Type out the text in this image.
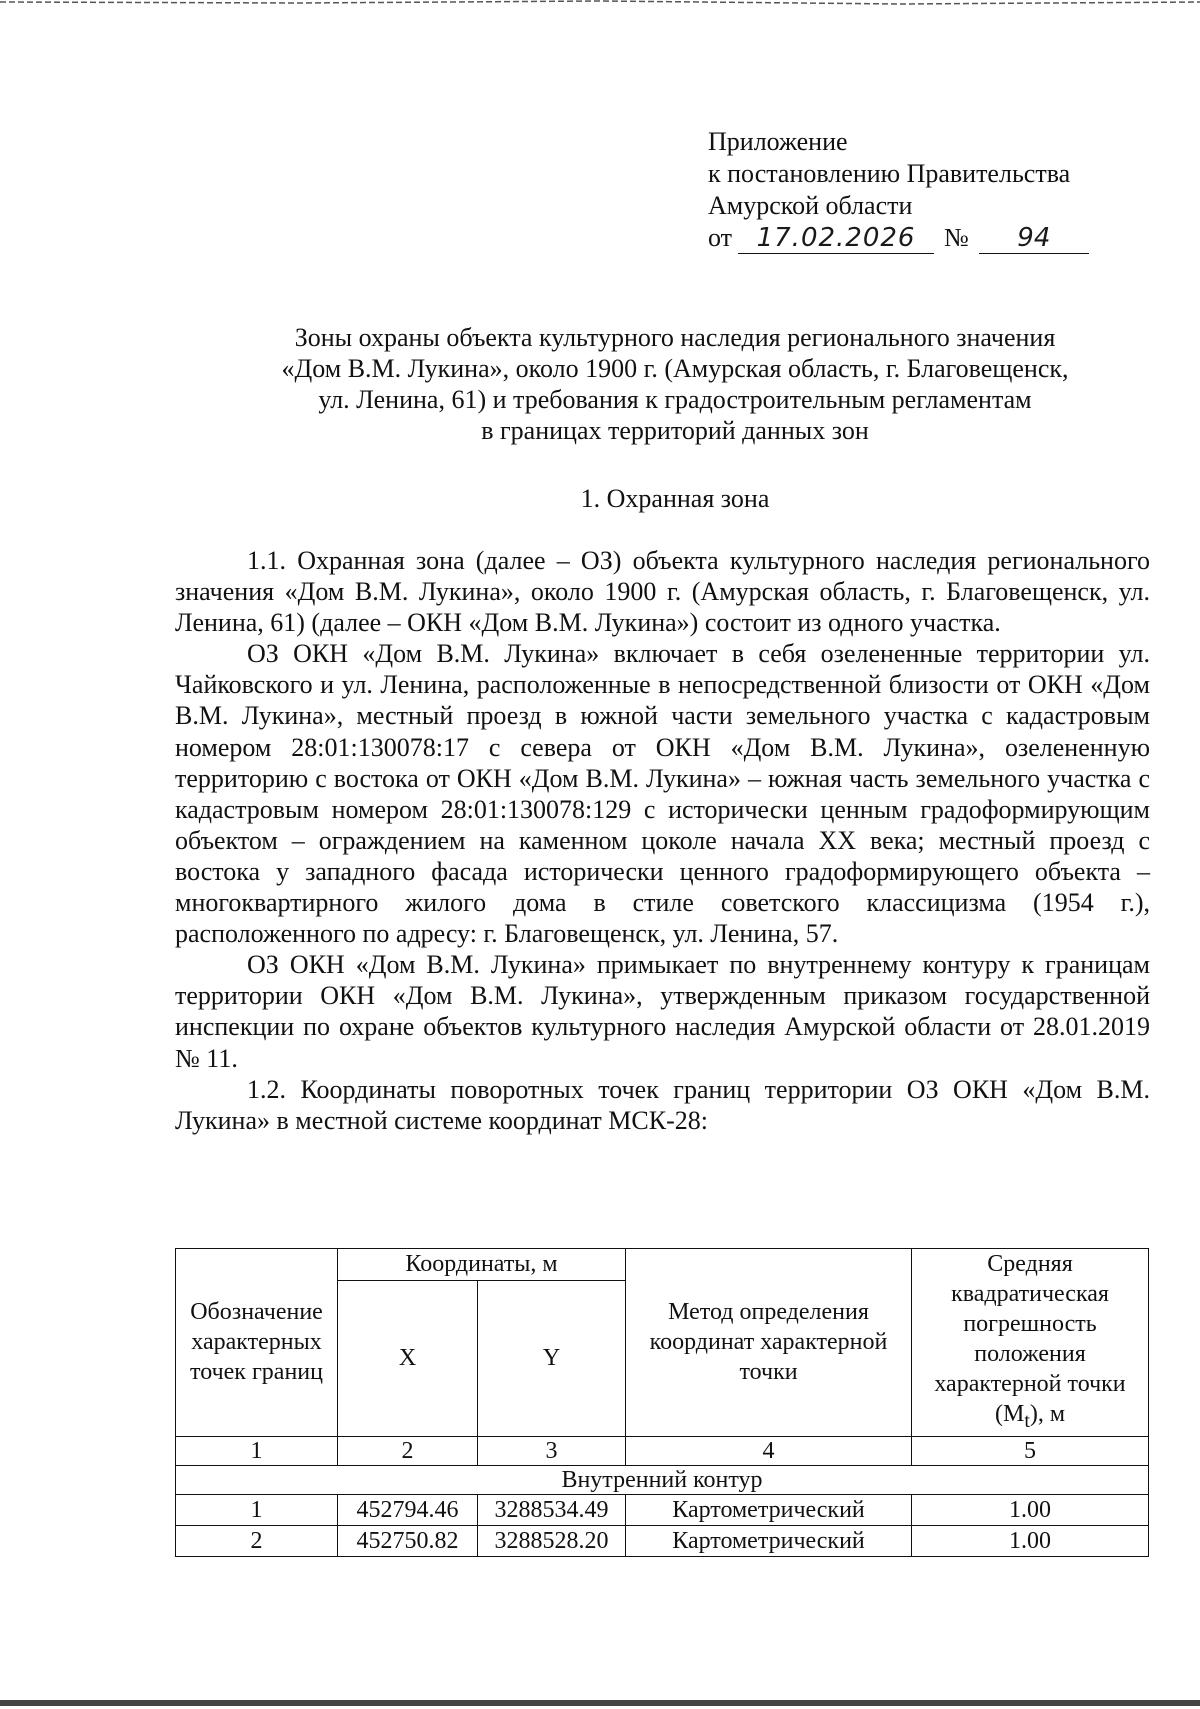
Приложение
к постановлению Правительства
Амурской области
от 17.02.2026	№	94
Зоны охраны объекта культурного наследия регионального значения
«Дом В.М. Лукина», около 1900 г. (Амурская область, г. Благовещенск,
ул. Ленина, 61) и требования к градостроительным регламентам
в границах территорий данных зон
1. Охранная зона

1.1. Охранная зона (далее – ОЗ) объекта культурного наследия регионального значения «Дом В.М. Лукина», около 1900 г. (Амурская область, г. Благовещенск, ул. Ленина, 61) (далее – ОКН «Дом В.М. Лукина») состоит из одного участка.

ОЗ ОКН «Дом В.М. Лукина» включает в себя озелененные территории ул. Чайковского и ул. Ленина, расположенные в непосредственной близости от ОКН «Дом В.М. Лукина», местный проезд в южной части земельного участка с кадастровым номером 28:01:130078:17 с севера от ОКН «Дом В.М. Лукина», озелененную территорию с востока от ОКН «Дом В.М. Лукина» – южная часть земельного участка с кадастровым номером 28:01:130078:129 с исторически ценным градоформирующим объектом – ограждением на каменном цоколе начала XX века; местный проезд с востока у западного фасада исторически ценного градоформирующего объекта – многоквартирного жилого дома в стиле советского классицизма (1954 г.), расположенного по адресу: г. Благовещенск, ул. Ленина, 57.

ОЗ ОКН «Дом В.М. Лукина» примыкает по внутреннему контуру к границам территории ОКН «Дом В.М. Лукина», утвержденным приказом государственной инспекции по охране объектов культурного наследия Амурской области от 28.01.2019 № 11.

1.2. Координаты поворотных точек границ территории ОЗ ОКН «Дом В.М. Лукина» в местной системе координат МСК-28:

Обозначение характерных точек границ	Координаты, м		Метод определения координат характерной точки	Средняя квадратическая погрешность положения характерной точки $(M_t)$, м
	X	Y		
1	2	3	4	5
Внутренний контур				
1	452794.46	3288534.49	Картометрический	1.00
2	452750.82	3288528.20	Картометрический	1.00
